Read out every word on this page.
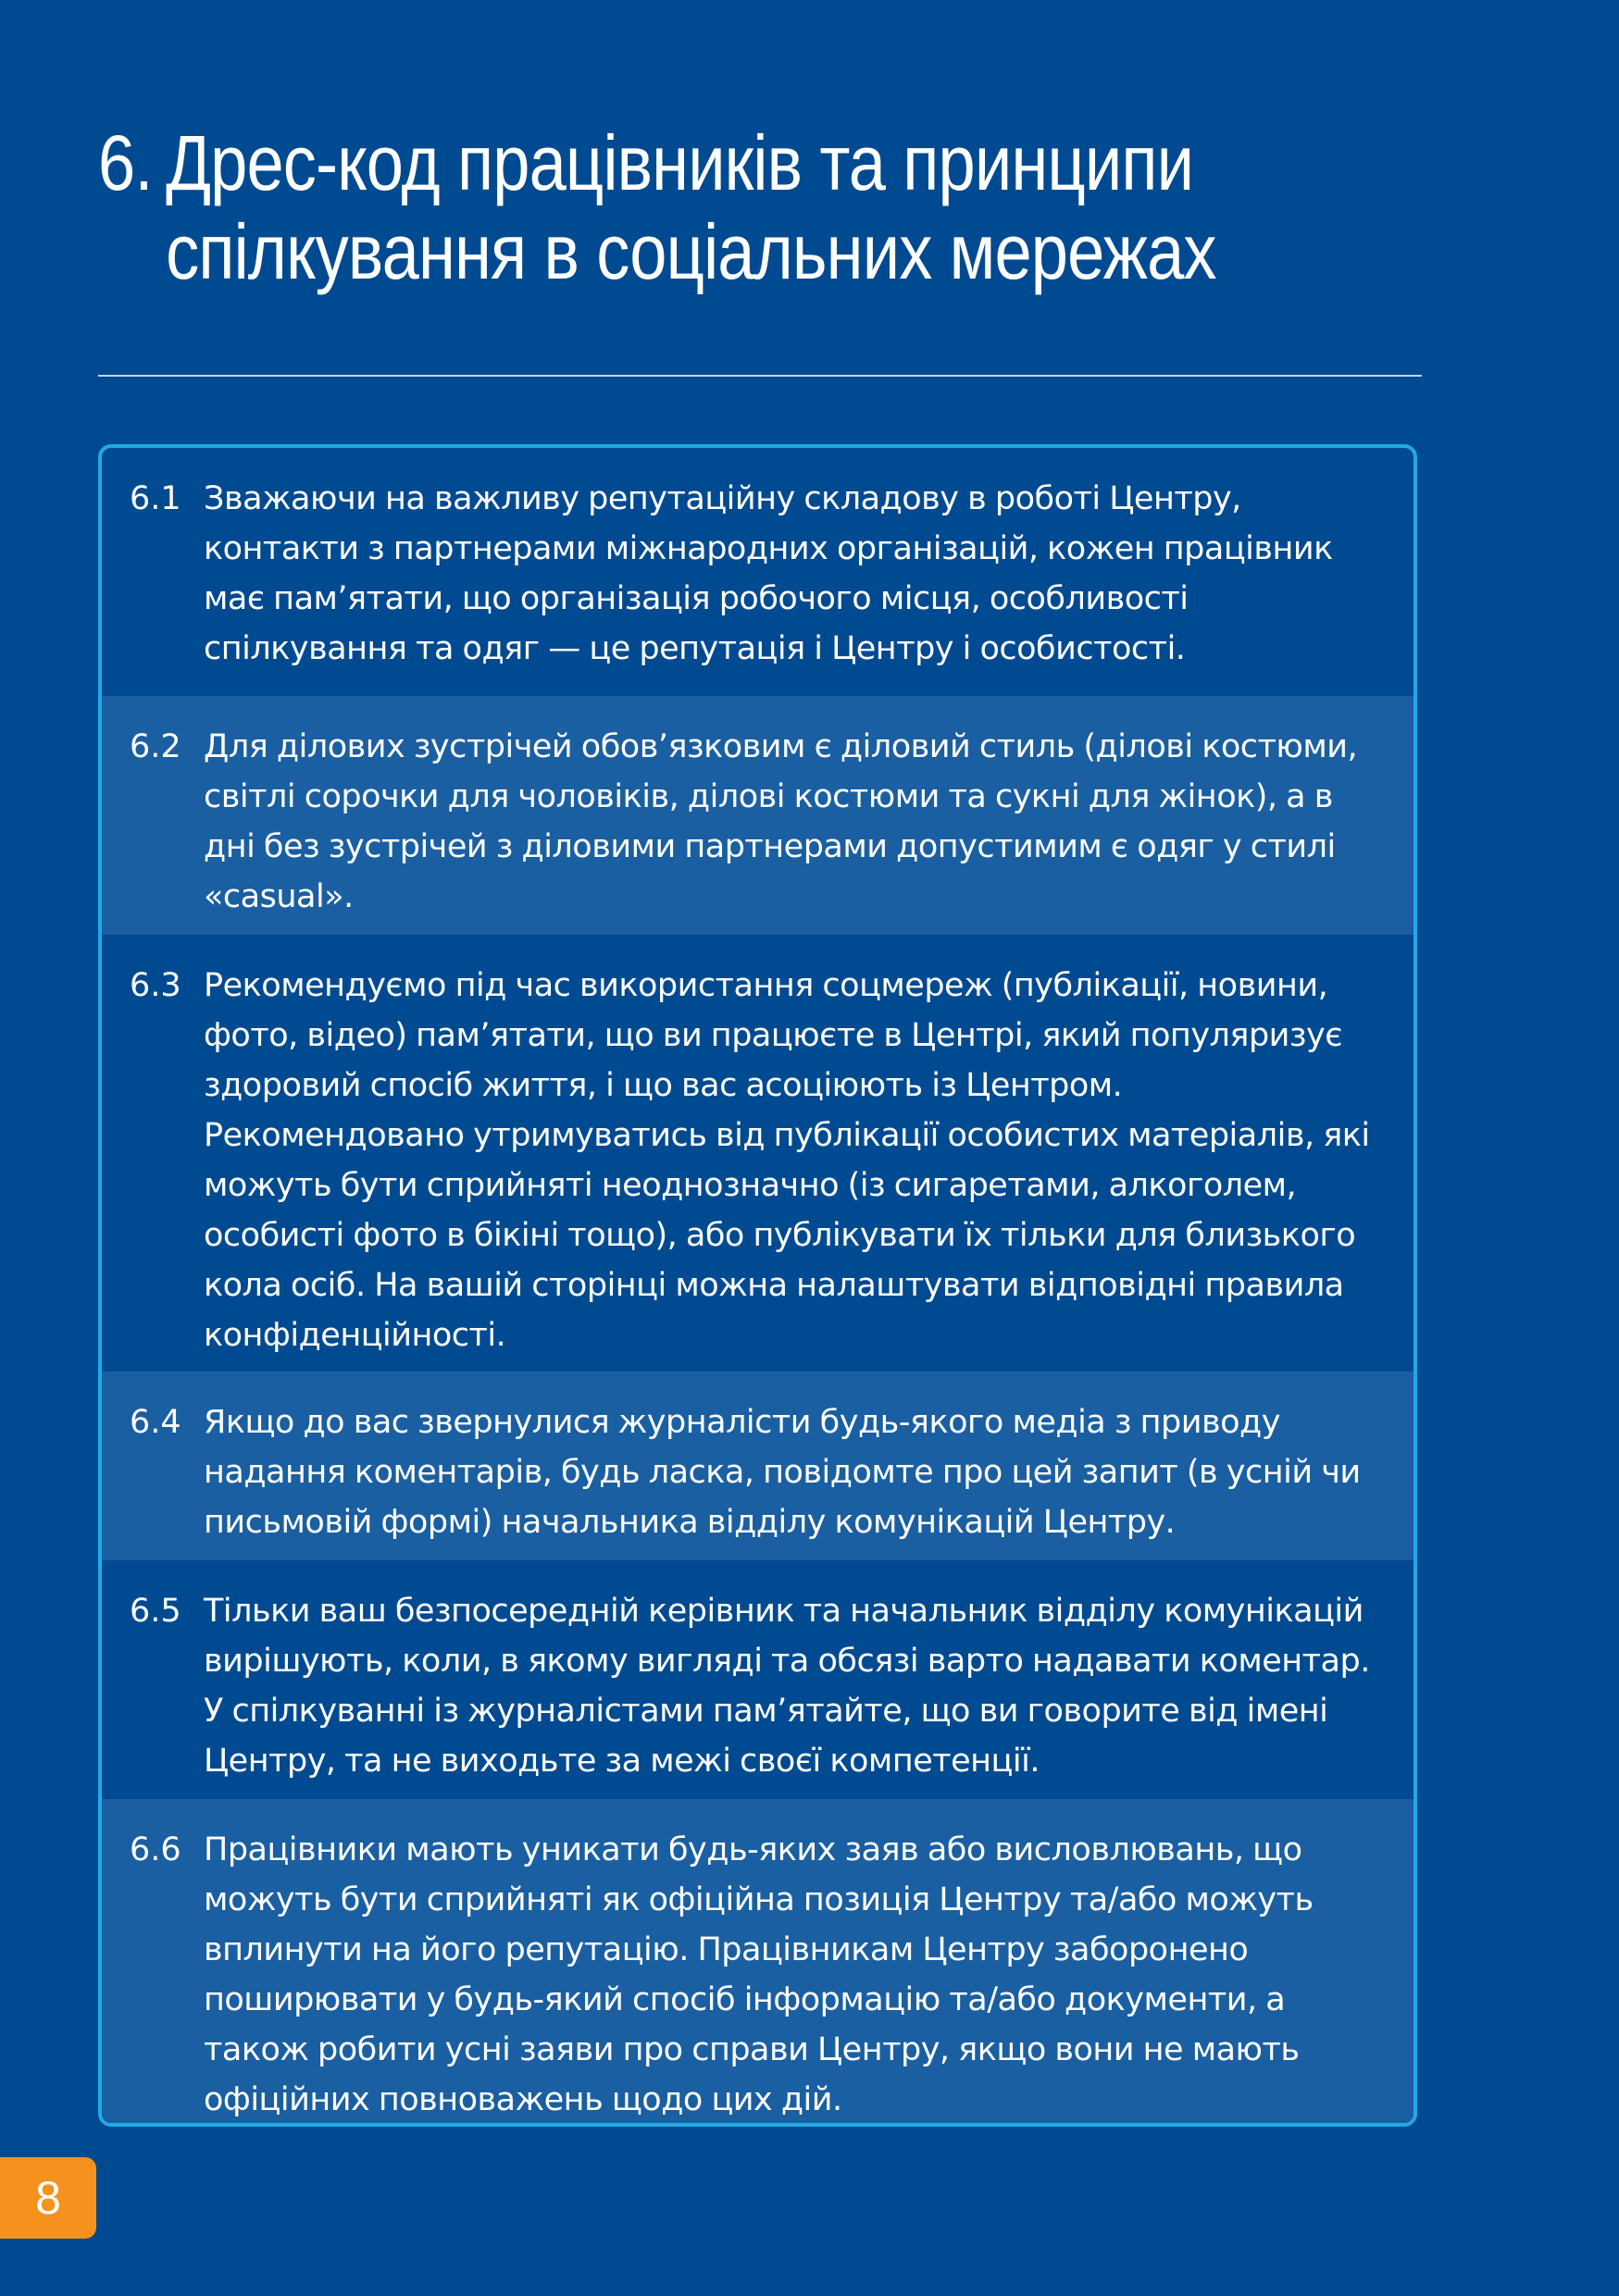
6. Дрес-код працівників та принципи
спілкування в соціальних мережах
6.1 Зважаючи на важливу репутаційну складову в роботі Центру, контакти з партнерами міжнародних організацій, кожен працівник має пам’ятати, що організація робочого місця, особливості спілкування та одяг — це репутація і Центру і особистості.
6.2 Для ділових зустрічей обов’язковим є діловий стиль (ділові костюми, світлі сорочки для чоловіків, ділові костюми та сукні для жінок), а в дні без зустрічей з діловими партнерами допустимим є одяг у стилі «casual».
6.3 Рекомендуємо під час використання соцмереж (публікації, новини, фото, відео) пам’ятати, що ви працюєте в Центрі, який популяризує здоровий спосіб життя, і що вас асоціюють із Центром. Рекомендовано утримуватись від публікації особистих матеріалів, які можуть бути сприйняті неоднозначно (із сигаретами, алкоголем, особисті фото в бікіні тощо), або публікувати їх тільки для близького кола осіб. На вашій сторінці можна налаштувати відповідні правила конфіденційності.
6.4 Якщо до вас звернулися журналісти будь-якого медіа з приводу надання коментарів, будь ласка, повідомте про цей запит (в усній чи письмовій формі) начальника відділу комунікацій Центру.
6.5 Тільки ваш безпосередній керівник та начальник відділу комунікацій вирішують, коли, в якому вигляді та обсязі варто надавати коментар. У спілкуванні із журналістами пам’ятайте, що ви говорите від імені Центру, та не виходьте за межі своєї компетенції.
6.6 Працівники мають уникати будь-яких заяв або висловлювань, що можуть бути сприйняті як офіційна позиція Центру та/або можуть вплинути на його репутацію. Працівникам Центру заборонено поширювати у будь-який спосіб інформацію та/або документи, а також робити усні заяви про справи Центру, якщо вони не мають офіційних повноважень щодо цих дій.
8
